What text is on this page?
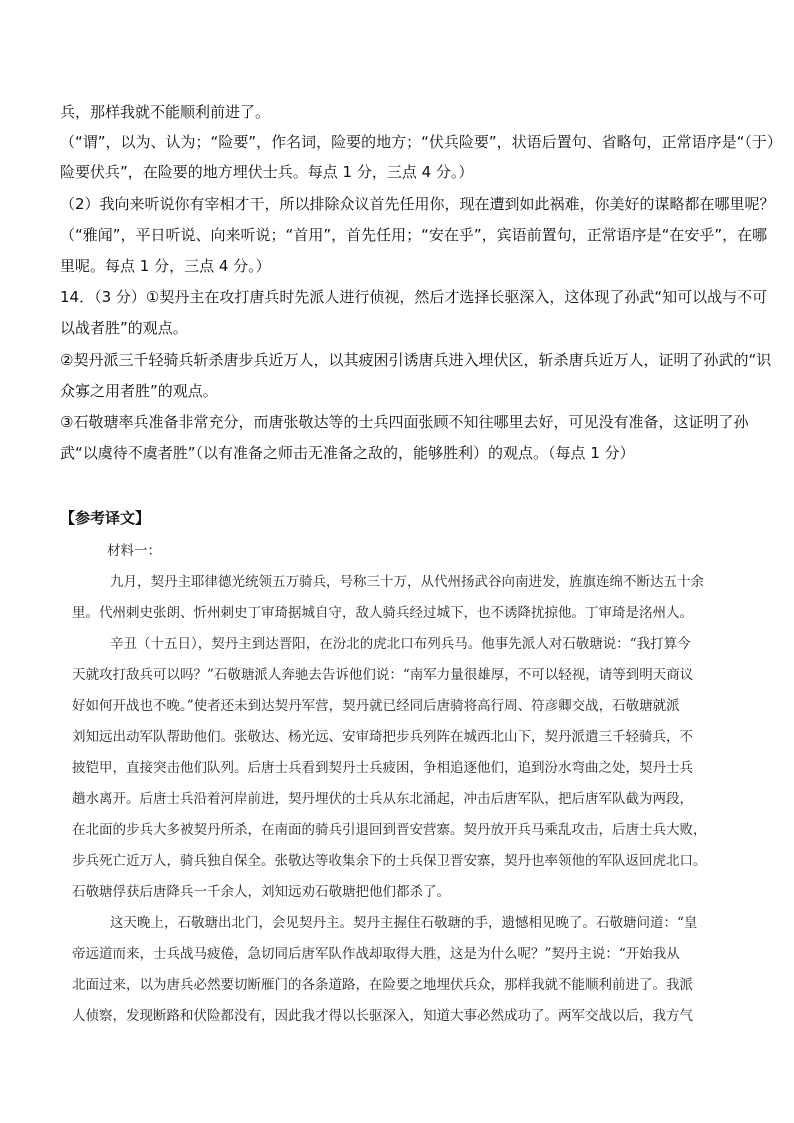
兵，那样我就不能顺利前进了。
（“谓”，以为、认为；“险要”，作名词，险要的地方；“伏兵险要”，状语后置句、省略句，正常语序是“（于）
险要伏兵”，在险要的地方埋伏士兵。每点 1 分，三点 4 分。）
（2）我向来听说你有宰相才干，所以排除众议首先任用你，现在遭到如此祸难，你美好的谋略都在哪里呢？
（“雅闻”，平日听说、向来听说；“首用”，首先任用；“安在乎”，宾语前置句，正常语序是“在安乎”，在哪
里呢。每点 1 分，三点 4 分。）
14．（3 分）①契丹主在攻打唐兵时先派人进行侦视，然后才选择长驱深入，这体现了孙武“知可以战与不可
以战者胜”的观点。
②契丹派三千轻骑兵斩杀唐步兵近万人，以其疲困引诱唐兵进入埋伏区，斩杀唐兵近万人，证明了孙武的“识
众寡之用者胜”的观点。
③石敬瑭率兵准备非常充分，而唐张敬达等的士兵四面张顾不知往哪里去好，可见没有准备，这证明了孙
武“以虞待不虞者胜”（以有准备之师击无准备之敌的，能够胜利）的观点。（每点 1 分）
【参考译文】
材料一：
九月，契丹主耶律德光统领五万骑兵，号称三十万，从代州扬武谷向南进发，旌旗连绵不断达五十余
里。代州刺史张朗、忻州刺史丁审琦据城自守，敌人骑兵经过城下，也不诱降扰掠他。丁审琦是洺州人。
辛丑（十五日），契丹主到达晋阳，在汾北的虎北口布列兵马。他事先派人对石敬瑭说：“我打算今
天就攻打敌兵可以吗？”石敬瑭派人奔驰去告诉他们说：“南军力量很雄厚，不可以轻视，请等到明天商议
好如何开战也不晚。”使者还未到达契丹军营，契丹就已经同后唐骑将高行周、符彦卿交战，石敬瑭就派
刘知远出动军队帮助他们。张敬达、杨光远、安审琦把步兵列阵在城西北山下，契丹派遣三千轻骑兵，不
披铠甲，直接突击他们队列。后唐士兵看到契丹士兵疲困，争相追逐他们，追到汾水弯曲之处，契丹士兵
趟水离开。后唐士兵沿着河岸前进，契丹埋伏的士兵从东北涌起，冲击后唐军队，把后唐军队截为两段，
在北面的步兵大多被契丹所杀，在南面的骑兵引退回到晋安营寨。契丹放开兵马乘乱攻击，后唐士兵大败，
步兵死亡近万人，骑兵独自保全。张敬达等收集余下的士兵保卫晋安寨，契丹也率领他的军队返回虎北口。
石敬瑭俘获后唐降兵一千余人，刘知远劝石敬瑭把他们都杀了。
这天晚上，石敬瑭出北门，会见契丹主。契丹主握住石敬瑭的手，遗憾相见晚了。石敬瑭问道：“皇
帝远道而来，士兵战马疲倦，急切同后唐军队作战却取得大胜，这是为什么呢？”契丹主说：“开始我从
北面过来，以为唐兵必然要切断雁门的各条道路，在险要之地埋伏兵众，那样我就不能顺利前进了。我派
人侦察，发现断路和伏险都没有，因此我才得以长驱深入，知道大事必然成功了。两军交战以后，我方气
